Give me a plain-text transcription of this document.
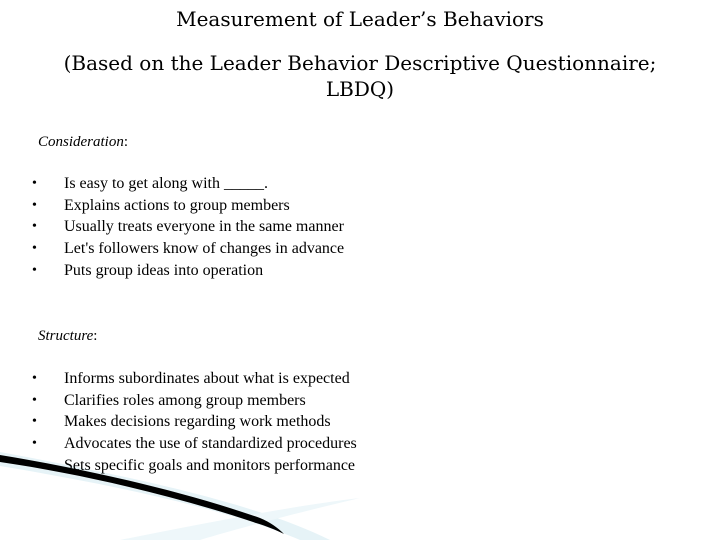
Measurement of Leader’s Behaviors
(Based on the Leader Behavior Descriptive Questionnaire; LBDQ)
Consideration:
•	Is easy to get along with _____.
•	Explains actions to group members
•	Usually treats everyone in the same manner
•	Let's followers know of changes in advance
•	Puts group ideas into operation
Structure:
•	Informs subordinates about what is expected
•	Clarifies roles among group members
•	Makes decisions regarding work methods
•	Advocates the use of standardized procedures
•	Sets specific goals and monitors performance
